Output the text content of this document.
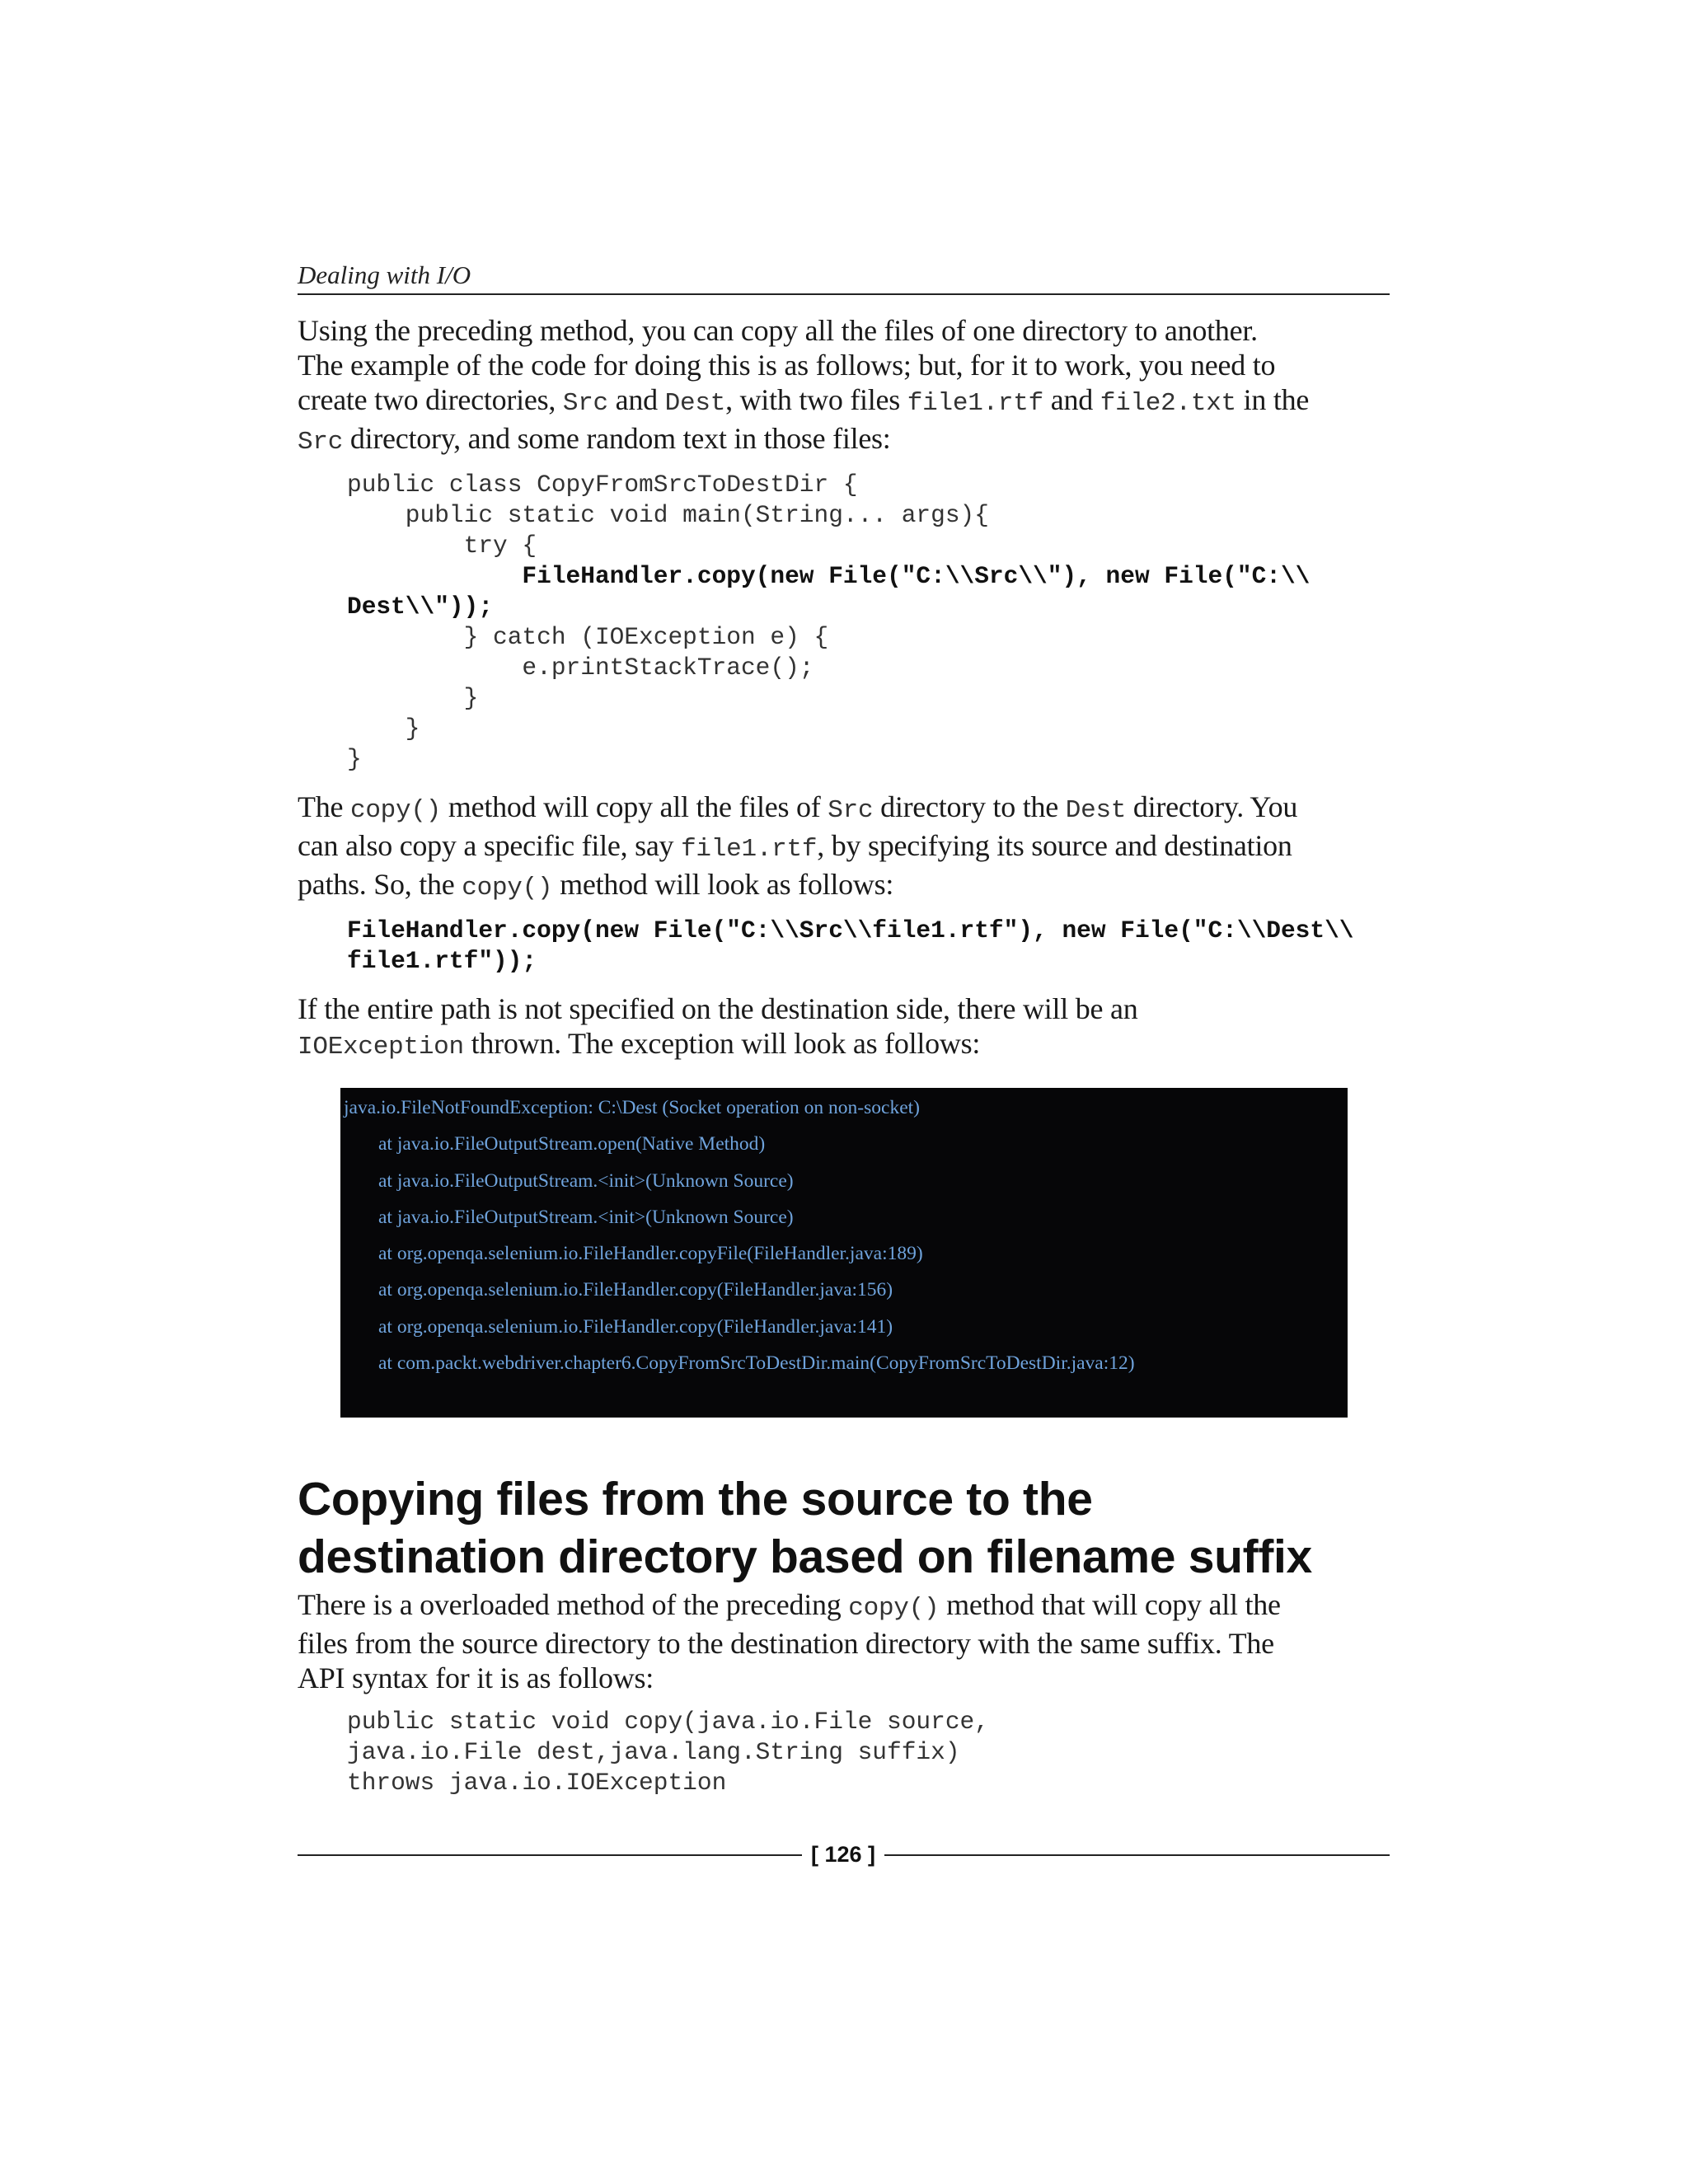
Dealing with I/O

Using the preceding method, you can copy all the files of one directory to another.

The example of the code for doing this is as follows; but, for it to work, you need to

create two directories, Src and Dest, with two files file1.rtf and file2.txt in the

Src directory, and some random text in those files:

public class CopyFromSrcToDestDir {
public static void main(String... args){
try {
FileHandler.copy(new File("C:\\Src\\"), new File("C:\\
Dest\\"));
} catch (IOException e) {
e.printStackTrace();
}
}
}

The copy() method will copy all the files of Src directory to the Dest directory. You

can also copy a specific file, say file1.rtf, by specifying its source and destination

paths. So, the copy() method will look as follows:

FileHandler.copy(new File("C:\\Src\\file1.rtf"), new File("C:\\Dest\\
file1.rtf"));

If the entire path is not specified on the destination side, there will be an

IOException thrown. The exception will look as follows:

java.io.FileNotFoundException: C:\Dest (Socket operation on non-socket)
at java.io.FileOutputStream.open(Native Method)
at java.io.FileOutputStream.<init>(Unknown Source)
at java.io.FileOutputStream.<init>(Unknown Source)
at org.openqa.selenium.io.FileHandler.copyFile(FileHandler.java:189)
at org.openqa.selenium.io.FileHandler.copy(FileHandler.java:156)
at org.openqa.selenium.io.FileHandler.copy(FileHandler.java:141)
at com.packt.webdriver.chapter6.CopyFromSrcToDestDir.main(CopyFromSrcToDestDir.java:12)
Copying files from the source to the
destination directory based on filename suffix

There is a overloaded method of the preceding copy() method that will copy all the

files from the source directory to the destination directory with the same suffix. The

API syntax for it is as follows:

public static void copy(java.io.File source,
java.io.File dest,java.lang.String suffix)
throws java.io.IOException
[ 126 ]
